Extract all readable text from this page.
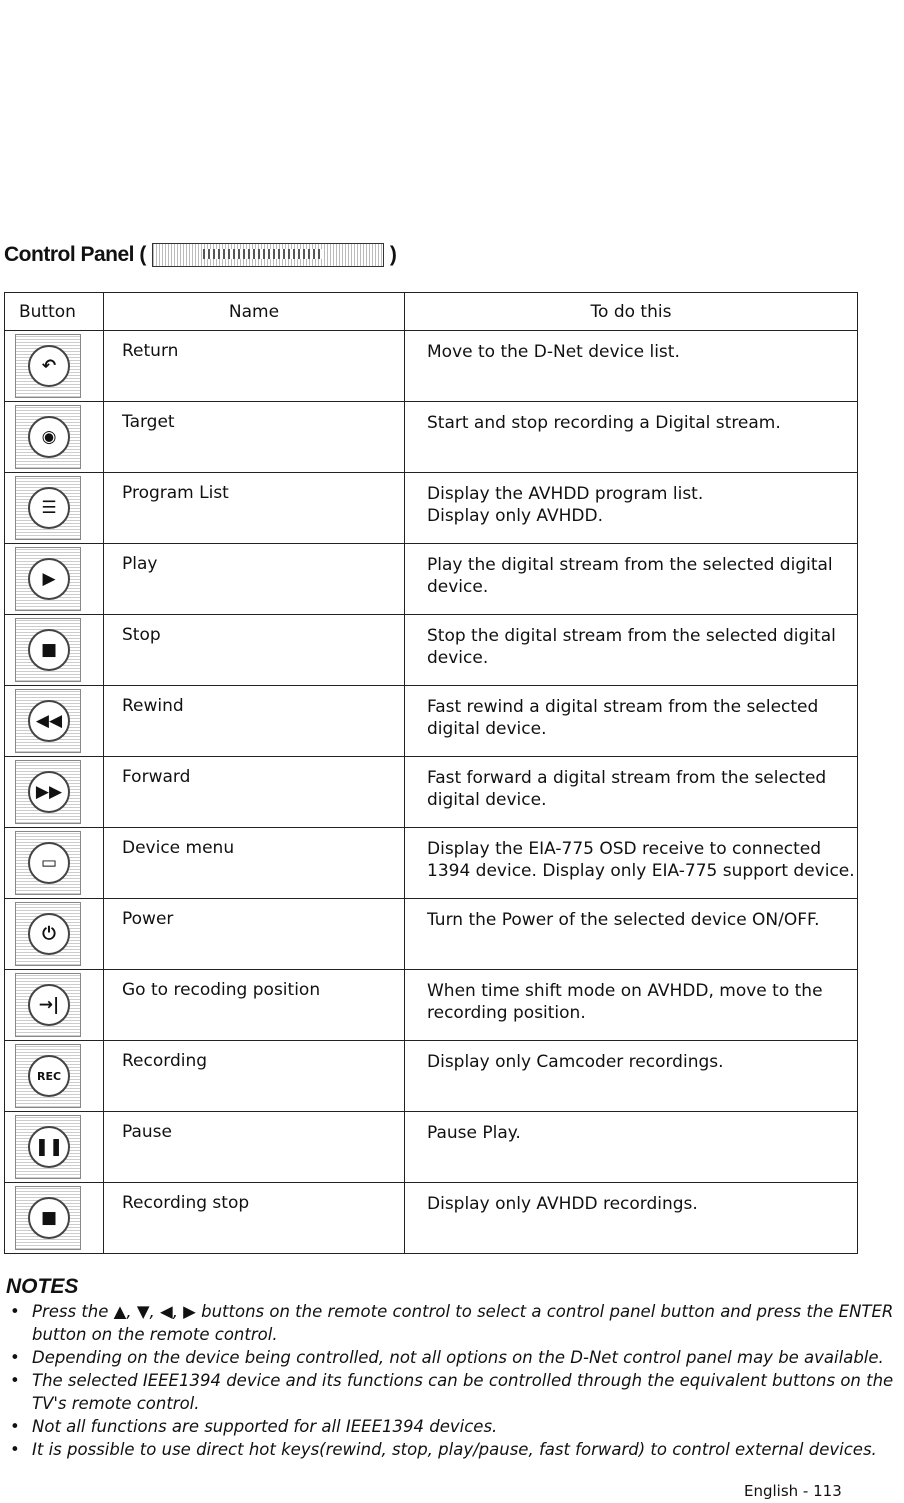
Control Panel (	)
Button	Name	To do this

↶	Return	Move to the D-Net device list.

◉	Target	Start and stop recording a Digital stream.

☰	Program List	Display the AVHDD program list.
Display only AVHDD.

▶	Play	Play the digital stream from the selected digital
device.

■	Stop	Stop the digital stream from the selected digital
device.

◀◀	Rewind	Fast rewind a digital stream from the selected
digital device.

▶▶	Forward	Fast forward a digital stream from the selected
digital device.

▭	Device menu	Display the EIA-775 OSD receive to connected
1394 device. Display only EIA-775 support device.

⏻	Power	Turn the Power of the selected device ON/OFF.

→|	Go to recoding position	When time shift mode on AVHDD, move to the
recording position.

REC	Recording	Display only Camcoder recordings.

❚❚	Pause	Pause Play.

■	Recording stop	Display only AVHDD recordings.
NOTES
• Press the ▲, ▼, ◀, ▶ buttons on the remote control to select a control panel button and press the ENTER button on the remote control.
• Depending on the device being controlled, not all options on the D-Net control panel may be available.
• The selected IEEE1394 device and its functions can be controlled through the equivalent buttons on the TV's remote control.
• Not all functions are supported for all IEEE1394 devices.
• It is possible to use direct hot keys(rewind, stop, play/pause, fast forward) to control external devices.
English - 113
